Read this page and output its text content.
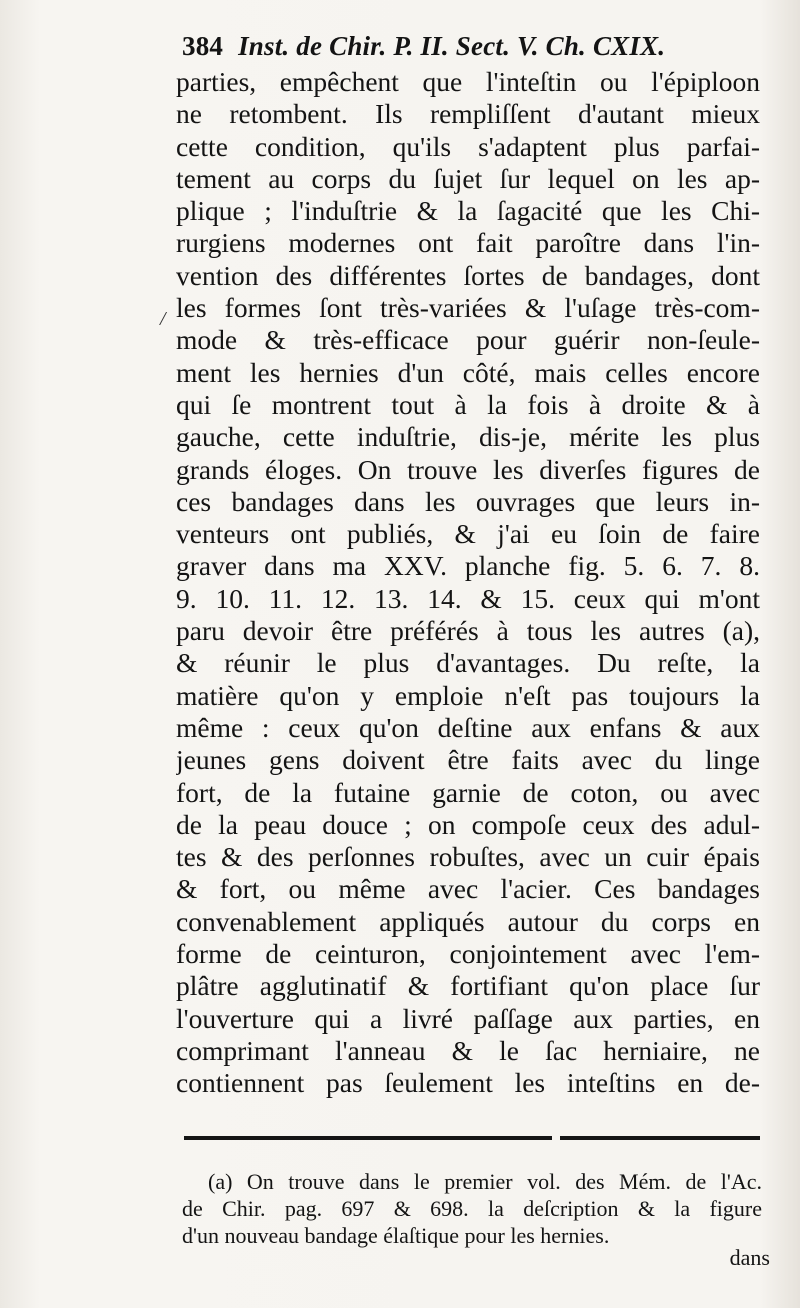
384 Inst. de Chir. P. II. Sect. V. Ch. CXIX.
/
parties, empêchent que l'inteſtin ou l'épiploon
ne retombent. Ils rempliſſent d'autant mieux
cette condition, qu'ils s'adaptent plus parfai-
tement au corps du ſujet ſur lequel on les ap-
plique ; l'induſtrie & la ſagacité que les Chi-
rurgiens modernes ont fait paroître dans l'in-
vention des différentes ſortes de bandages, dont
les formes ſont très-variées & l'uſage très-com-
mode & très-efficace pour guérir non-ſeule-
ment les hernies d'un côté, mais celles encore
qui ſe montrent tout à la fois à droite & à
gauche, cette induſtrie, dis-je, mérite les plus
grands éloges. On trouve les diverſes figures de
ces bandages dans les ouvrages que leurs in-
venteurs ont publiés, & j'ai eu ſoin de faire
graver dans ma XXV. planche fig. 5. 6. 7. 8.
9. 10. 11. 12. 13. 14. & 15. ceux qui m'ont
paru devoir être préférés à tous les autres (a),
& réunir le plus d'avantages. Du reſte, la
matière qu'on y emploie n'eſt pas toujours la
même : ceux qu'on deſtine aux enfans & aux
jeunes gens doivent être faits avec du linge
fort, de la futaine garnie de coton, ou avec
de la peau douce ; on compoſe ceux des adul-
tes & des perſonnes robuſtes, avec un cuir épais
& fort, ou même avec l'acier. Ces bandages
convenablement appliqués autour du corps en
forme de ceinturon, conjointement avec l'em-
plâtre agglutinatif & fortifiant qu'on place ſur
l'ouverture qui a livré paſſage aux parties, en
comprimant l'anneau & le ſac herniaire, ne
contiennent pas ſeulement les inteſtins en de-
(a) On trouve dans le premier vol. des Mém. de l'Ac.
de Chir. pag. 697 & 698. la deſcription & la figure
d'un nouveau bandage élaſtique pour les hernies.
dans
